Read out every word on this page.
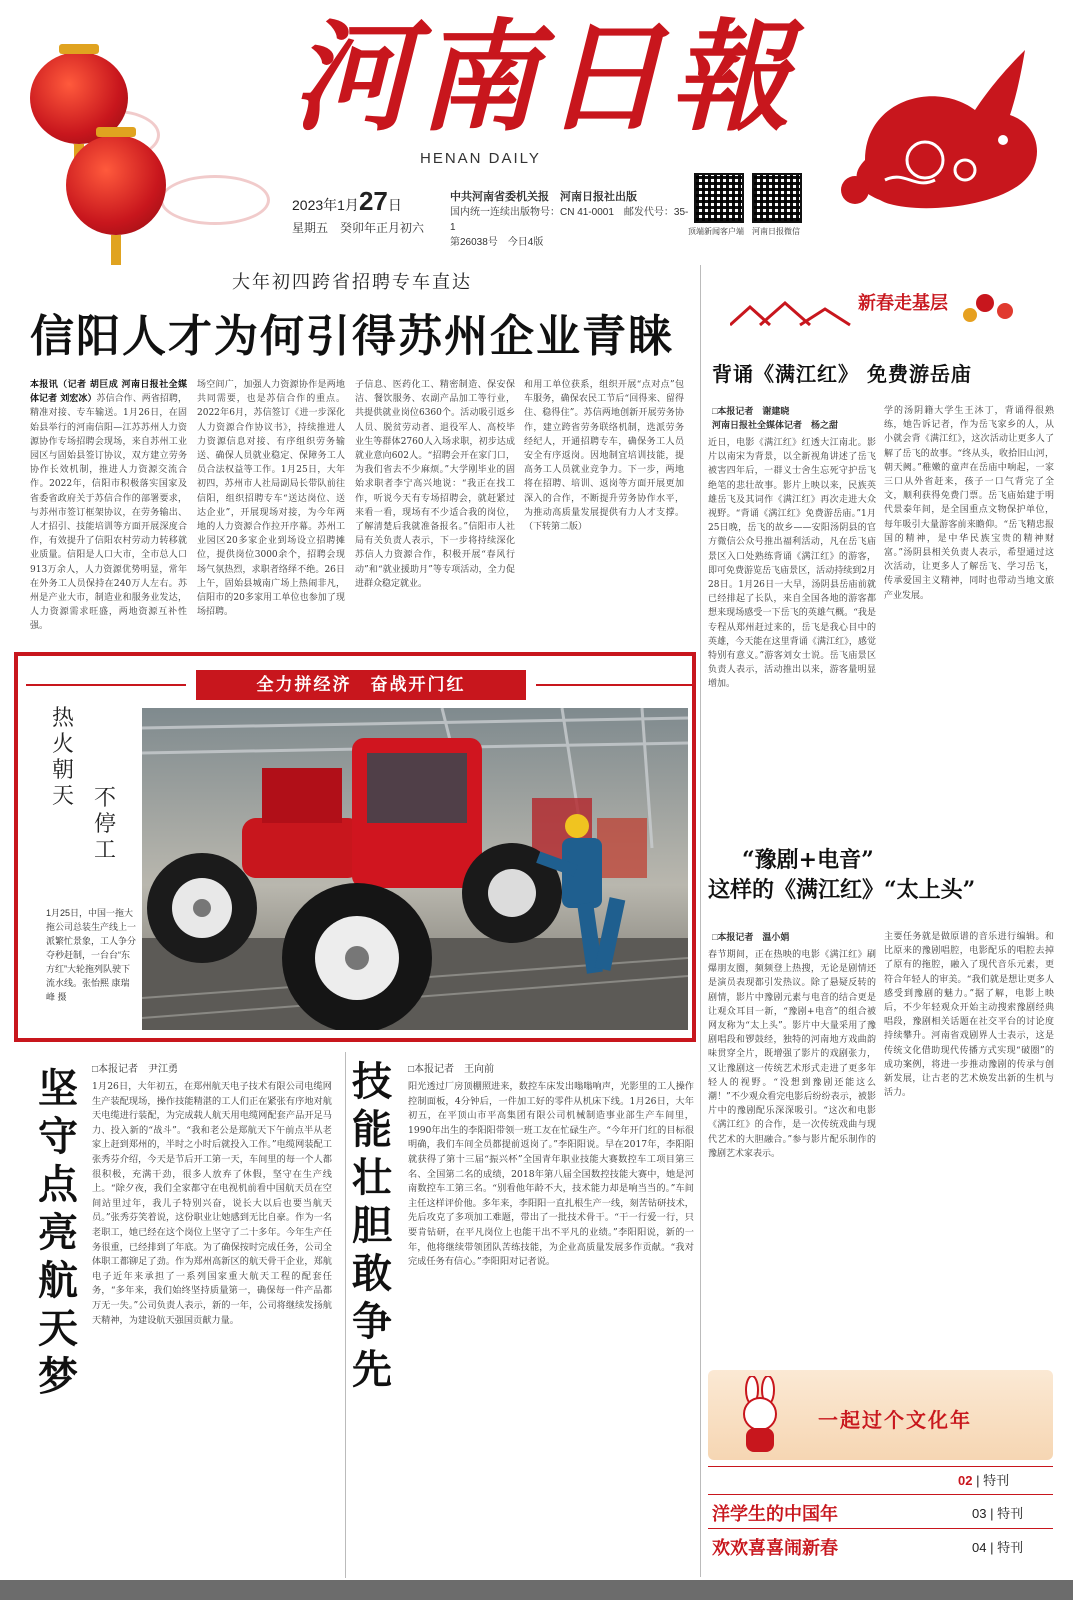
河南日報
HENAN DAILY
2023年1月27日
星期五　癸卯年正月初六
中共河南省委机关报　河南日报社出版
国内统一连续出版物号：CN 41-0001　邮发代号：35-1
第26038号　今日4版
顶端新闻客户端　河南日报微信
大年初四跨省招聘专车直达
信阳人才为何引得苏州企业青睐
本报讯（记者 胡巨成 河南日报社全媒体记者 刘宏冰）苏信合作、两省招聘，精准对接、专车输送。1月26日，在固始县举行的河南信阳—江苏苏州人力资源协作专场招聘会现场，来自苏州工业园区与固始县签订协议，双方建立劳务协作长效机制，推进人力资源交流合作。2022年，信阳市积极落实国家及省委省政府关于苏信合作的部署要求，与苏州市签订框架协议，在劳务输出、人才招引、技能培训等方面开展深度合作，有效提升了信阳农村劳动力转移就业质量。信阳是人口大市，全市总人口913万余人，人力资源优势明显，常年在外务工人员保持在240万人左右。苏州是产业大市，制造业和服务业发达，人力资源需求旺盛，两地资源互补性强。
场空间广，加强人力资源协作是两地共同需要，也是苏信合作的重点。2022年6月，苏信签订《进一步深化人力资源合作协议书》，持续推进人力资源信息对接、有序组织劳务输送、确保人员就业稳定、保障务工人员合法权益等工作。1月25日，大年初四，苏州市人社局副局长带队前往信阳，组织招聘专车“送达岗位、送达企业”，开展现场对接，为今年两地的人力资源合作拉开序幕。苏州工业园区20多家企业到场设立招聘摊位，提供岗位3000余个，招聘会现场气氛热烈，求职者络绎不绝。26日上午，固始县城南广场上热闹非凡，信阳市的20多家用工单位也参加了现场招聘。
子信息、医药化工、精密制造、保安保洁、餐饮服务、农副产品加工等行业，共提供就业岗位6360个。活动吸引返乡人员、脱贫劳动者、退役军人、高校毕业生等群体2760人入场求职，初步达成就业意向602人。“招聘会开在家门口，为我们省去不少麻烦。”大学刚毕业的固始求职者李宁高兴地说：“我正在找工作，听说今天有专场招聘会，就赶紧过来看一看，现场有不少适合我的岗位，了解清楚后我就准备报名。”信阳市人社局有关负责人表示，下一步将持续深化苏信人力资源合作，积极开展“春风行动”和“就业援助月”等专项活动，全力促进群众稳定就业。
和用工单位获系，组织开展“点对点”包车服务，确保农民工节后“回得来、留得住、稳得住”。苏信两地创新开展劳务协作，建立跨省劳务联络机制，选派劳务经纪人，开通招聘专车，确保务工人员安全有序返岗。因地制宜培训技能，提高务工人员就业竞争力。下一步，两地将在招聘、培训、返岗等方面开展更加深入的合作，不断提升劳务协作水平，为推动高质量发展提供有力人才支撑。（下转第二版）
全力拼经济　奋战开门红
热火朝天 不停工
1月25日，中国一拖大拖公司总装生产线上一派繁忙景象，工人争分夺秒赶制，一台台“东方红”大轮拖列队驶下流水线。张怡熙 康瑞峰 摄
坚守点亮航天梦
□本报记者　尹江勇
1月26日，大年初五，在郑州航天电子技术有限公司电缆网生产装配现场，操作技能精湛的工人们正在紧张有序地对航天电缆进行装配，为完成载人航天用电缆网配套产品开足马力、投入新的“战斗”。“我和老公是郑航天下午前点半从老家上赶到郑州的，半时之小时后就投入工作。”电缆网装配工张秀芬介绍，今天是节后开工第一天，车间里的每一个人都很积极，充满干劲，很多人放弃了休假，坚守在生产线上。“除夕夜，我们全家都守在电视机前看中国航天员在空间站里过年，我儿子特别兴奋，说长大以后也要当航天员。”张秀芬笑着说，这份职业让她感到无比自豪。作为一名老职工，她已经在这个岗位上坚守了二十多年。今年生产任务很重，已经排到了年底。为了确保按时完成任务，公司全体职工都铆足了劲。作为郑州高新区的航天骨干企业，郑航电子近年来承担了一系列国家重大航天工程的配套任务，“多年来，我们始终坚持质量第一，确保每一件产品都万无一失。”公司负责人表示，新的一年，公司将继续发扬航天精神，为建设航天强国贡献力量。
技能壮胆敢争先
□本报记者　王向前
阳光透过厂房顶棚照进来，数控车床发出嗡嗡响声，光影里的工人操作控制面板，4分钟后，一件加工好的零件从机床下线。1月26日，大年初五，在平顶山市平高集团有限公司机械制造事业部生产车间里，1990年出生的李阳阳带领一班工友在忙碌生产。“今年开门红的目标很明确，我们车间全员都提前返岗了。”李阳阳说。早在2017年，李阳阳就获得了第十三届“振兴杯”全国青年职业技能大赛数控车工项目第三名、全国第二名的成绩，2018年第八届全国数控技能大赛中，她是河南数控车工第三名。“别看他年龄不大，技术能力却是响当当的。”车间主任这样评价他。多年来，李阳阳一直扎根生产一线，刻苦钻研技术，先后攻克了多项加工难题，带出了一批技术骨干。“干一行爱一行，只要肯钻研，在平凡岗位上也能干出不平凡的业绩。”李阳阳说，新的一年，他将继续带领团队苦练技能，为企业高质量发展多作贡献。“我对完成任务有信心。”李阳阳对记者说。
新春走基层
背诵《满江红》 免费游岳庙
□本报记者　谢建晓
河南日报社全媒体记者　杨之甜
近日，电影《满江红》红透大江南北。影片以南宋为背景，以全新视角讲述了岳飞被害四年后，一群义士舍生忘死守护岳飞绝笔的悲壮故事。影片上映以来，民族英雄岳飞及其词作《满江红》再次走进大众视野。“背诵《满江红》免费游岳庙。”1月25日晚，岳飞的故乡——安阳汤阴县的官方微信公众号推出福利活动，凡在岳飞庙景区入口处熟练背诵《满江红》的游客，即可免费游览岳飞庙景区，活动持续到2月28日。1月26日一大早，汤阴县岳庙前就已经排起了长队，来自全国各地的游客都想来现场感受一下岳飞的英雄气概。“我是专程从郑州赶过来的，岳飞是我心目中的英雄，今天能在这里背诵《满江红》，感觉特别有意义。”游客刘女士说。岳飞庙景区负责人表示，活动推出以来，游客量明显增加。
学的汤阴籍大学生王沐丁，背诵得很熟练，她告诉记者，作为岳飞家乡的人，从小就会背《满江红》，这次活动让更多人了解了岳飞的故事。“终从头，收拾旧山河，朝天阙。”稚嫩的童声在岳庙中响起，一家三口从外省赶来，孩子一口气背完了全文，顺利获得免费门票。岳飞庙始建于明代景泰年间，是全国重点文物保护单位，每年吸引大量游客前来瞻仰。“岳飞精忠报国的精神，是中华民族宝贵的精神财富。”汤阴县相关负责人表示，希望通过这次活动，让更多人了解岳飞、学习岳飞，传承爱国主义精神，同时也带动当地文旅产业发展。
“豫剧+电音”
这样的《满江红》“太上头”
□本报记者　温小娟
春节期间，正在热映的电影《满江红》刷爆朋友圈，频频登上热搜，无论是剧情还是演员表现都引发热议。除了悬疑反转的剧情，影片中豫剧元素与电音的结合更是让观众耳目一新，“豫剧+电音”的组合被网友称为“太上头”。影片中大量采用了豫剧唱段和锣鼓经，独特的河南地方戏曲韵味贯穿全片，既增强了影片的戏剧张力，又让豫剧这一传统艺术形式走进了更多年轻人的视野。“没想到豫剧还能这么潮！”不少观众看完电影后纷纷表示，被影片中的豫剧配乐深深吸引。“这次和电影《满江红》的合作，是一次传统戏曲与现代艺术的大胆融合。”参与影片配乐制作的豫剧艺术家表示。
主要任务就是做原谱的音乐进行编辑。和比原来的豫剧唱腔，电影配乐的唱腔去掉了原有的拖腔，融入了现代音乐元素，更符合年轻人的审美。“我们就是想让更多人感受到豫剧的魅力。”据了解，电影上映后，不少年轻观众开始主动搜索豫剧经典唱段，豫剧相关话题在社交平台的讨论度持续攀升。河南省戏剧界人士表示，这是传统文化借助现代传播方式实现“破圈”的成功案例，将进一步推动豫剧的传承与创新发展，让古老的艺术焕发出新的生机与活力。
一起过个文化年
02 | 特刊
洋学生的中国年	03 | 特刊
欢欢喜喜闹新春	04 | 特刊
